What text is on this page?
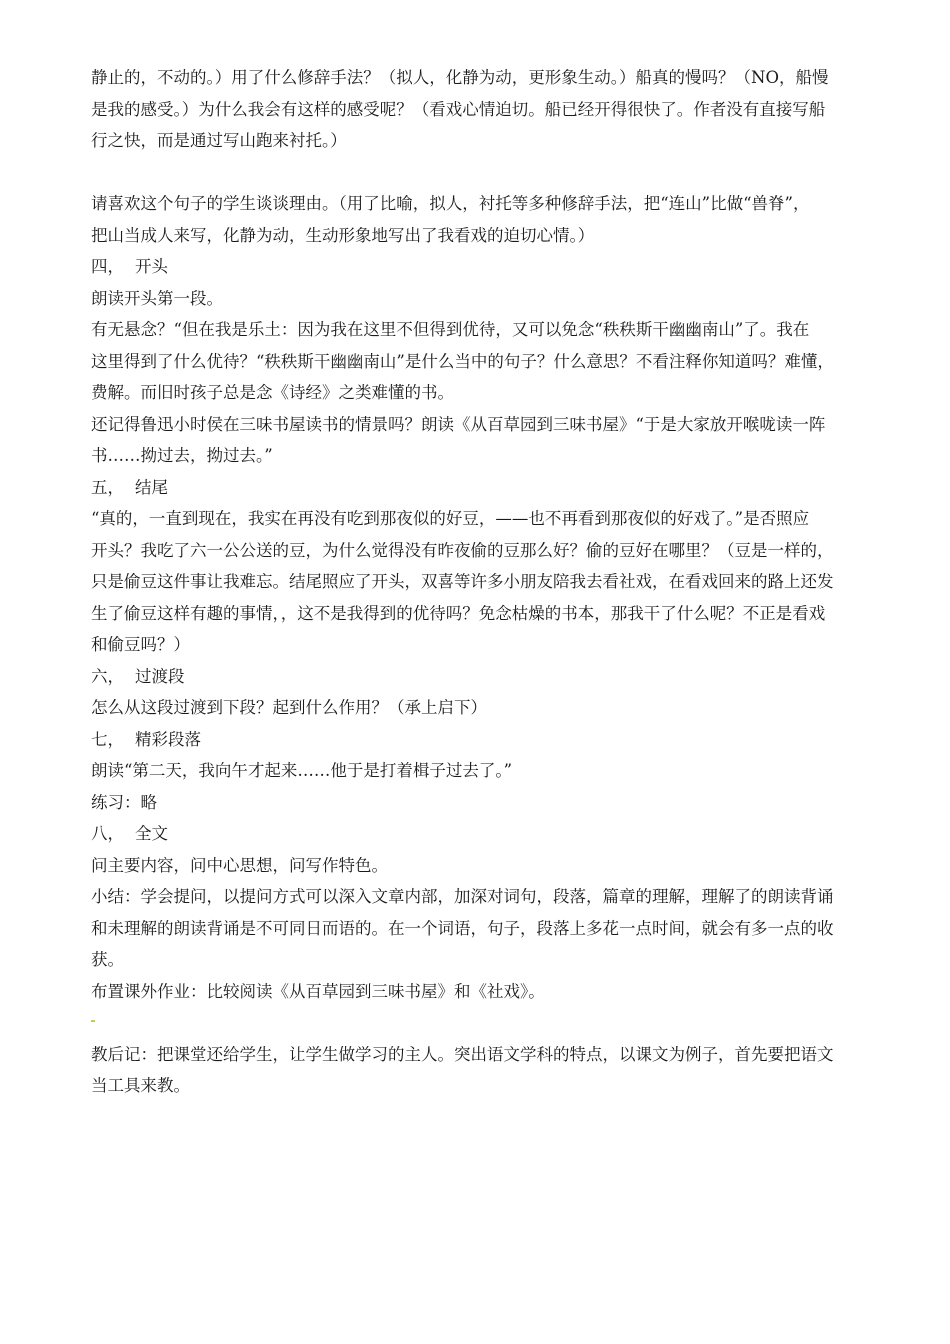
静止的，不动的。）用了什么修辞手法？（拟人，化静为动，更形象生动。）船真的慢吗？（NO，船慢
是我的感受。）为什么我会有这样的感受呢？（看戏心情迫切。船已经开得很快了。作者没有直接写船
行之快，而是通过写山跑来衬托。）
请喜欢这个句子的学生谈谈理由。（用了比喻，拟人，衬托等多种修辞手法，把“连山”比做“兽脊”，
把山当成人来写，化静为动，生动形象地写出了我看戏的迫切心情。）
四， 开头
朗读开头第一段。
有无悬念？“但在我是乐土：因为我在这里不但得到优待，又可以免念“秩秩斯干幽幽南山”了。我在
这里得到了什么优待？“秩秩斯干幽幽南山”是什么当中的句子？什么意思？不看注释你知道吗？难懂，
费解。而旧时孩子总是念《诗经》之类难懂的书。
还记得鲁迅小时侯在三味书屋读书的情景吗？朗读《从百草园到三味书屋》“于是大家放开喉咙读一阵
书……拗过去，拗过去。”
五， 结尾
“真的，一直到现在，我实在再没有吃到那夜似的好豆，——也不再看到那夜似的好戏了。”是否照应
开头？我吃了六一公公送的豆，为什么觉得没有昨夜偷的豆那么好？偷的豆好在哪里？（豆是一样的，
只是偷豆这件事让我难忘。结尾照应了开头，双喜等许多小朋友陪我去看社戏，在看戏回来的路上还发
生了偷豆这样有趣的事情，，这不是我得到的优待吗？免念枯燥的书本，那我干了什么呢？不正是看戏
和偷豆吗？）
六， 过渡段
怎么从这段过渡到下段？起到什么作用？（承上启下）
七， 精彩段落
朗读“第二天，我向午才起来……他于是打着楫子过去了。”
练习：略
八， 全文
问主要内容，问中心思想，问写作特色。
小结：学会提问，以提问方式可以深入文章内部，加深对词句，段落，篇章的理解，理解了的朗读背诵
和未理解的朗读背诵是不可同日而语的。在一个词语，句子，段落上多花一点时间，就会有多一点的收
获。
布置课外作业：比较阅读《从百草园到三味书屋》和《社戏》。
教后记：把课堂还给学生，让学生做学习的主人。突出语文学科的特点，以课文为例子，首先要把语文
当工具来教。
